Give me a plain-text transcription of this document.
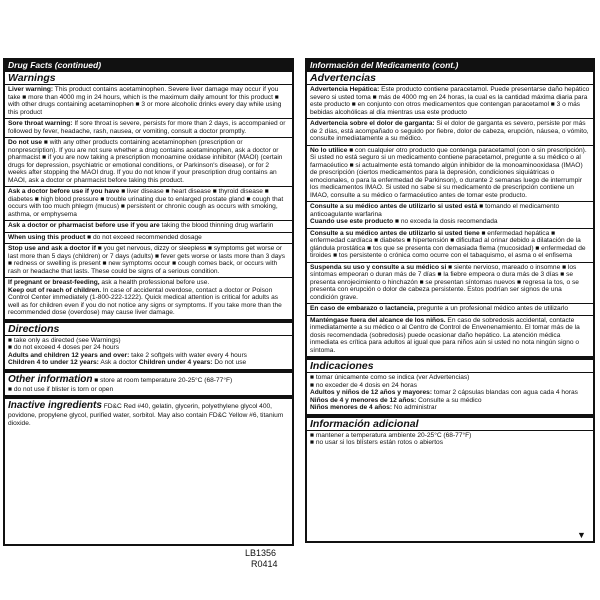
Drug Facts (continued)
Warnings
Liver warning: This product contains acetaminophen. Severe liver damage may occur if you take ■ more than 4000 mg in 24 hours, which is the maximum daily amount for this product ■ with other drugs containing acetaminophen ■ 3 or more alcoholic drinks every day while using this product
Sore throat warning: If sore throat is severe, persists for more than 2 days, is accompanied or followed by fever, headache, rash, nausea, or vomiting, consult a doctor promptly.
Do not use ■ with any other products containing acetaminophen (prescription or nonprescription). If you are not sure whether a drug contains acetaminophen, ask a doctor or pharmacist ■ if you are now taking a prescription monoamine oxidase inhibitor (MAOI) (certain drugs for depression, psychiatric or emotional conditions, or Parkinson's disease), or for 2 weeks after stopping the MAOI drug. If you do not know if your prescription drug contains an MAOI, ask a doctor or pharmacist before taking this product.
Ask a doctor before use if you have ■ liver disease ■ heart disease ■ thyroid disease ■ diabetes ■ high blood pressure ■ trouble urinating due to enlarged prostate gland ■ cough that occurs with too much phlegm (mucus) ■ persistent or chronic cough as occurs with smoking, asthma, or emphysema
Ask a doctor or pharmacist before use if you are taking the blood thinning drug warfarin
When using this product ■ do not exceed recommended dosage
Stop use and ask a doctor if ■ you get nervous, dizzy or sleepless ■ symptoms get worse or last more than 5 days (children) or 7 days (adults) ■ fever gets worse or lasts more than 3 days ■ redness or swelling is present ■ new symptoms occur ■ cough comes back, or occurs with rash or headache that lasts. These could be signs of a serious condition.
If pregnant or breast-feeding, ask a health professional before use.
Keep out of reach of children. In case of accidental overdose, contact a doctor or Poison Control Center immediately (1-800-222-1222). Quick medical attention is critical for adults as well as for children even if you do not notice any signs or symptoms. If you take more than the recommended dose (overdose) may cause liver damage.
Directions
■ take only as directed (see Warnings)
■ do not exceed 4 doses per 24 hours
Adults and children 12 years and over: take 2 softgels with water every 4 hours
Children 4 to under 12 years: Ask a doctor Children under 4 years: Do not use
Other information ■ store at room temperature 20-25°C (68-77°F)
■ do not use if blister is torn or open
Inactive ingredients FD&C Red #40, gelatin, glycerin, polyethylene glycol 400, povidone, propylene glycol, purified water, sorbitol. May also contain FD&C Yellow #6, titanium dioxide.
Información del Medicamento (cont.)
Advertencias
Advertencia Hepática: Este producto contiene paracetamol. Puede presentarse daño hepático severo si usted toma ■ más de 4000 mg en 24 horas, la cual es la cantidad máxima diaria para este producto ■ en conjunto con otros medicamentos que contengan paracetamol ■ 3 o más bebidas alcohólicas al día mientras usa este producto
Advertencia sobre el dolor de garganta: Si el dolor de garganta es severo, persiste por más de 2 días, está acompañado o seguido por fiebre, dolor de cabeza, erupción, náusea, o vómito, consulte inmediatamente a su médico.
No lo utilice ■ con cualquier otro producto que contenga paracetamol (con o sin prescripción). Si usted no está seguro si un medicamento contiene paracetamol, pregunte a su médico o al farmacéutico ■ si actualmente está tomando algún inhibidor de la monoaminooxidasa (IMAO) de prescripción (ciertos medicamentos para la depresión, condiciones siquiátricas o emocionales, o para la enfermedad de Parkinson), o durante 2 semanas luego de interrumpir los medicamentos IMAO. Si usted no sabe si su medicamento de prescripción contiene un IMAO, consulte a su médico o farmacéutico antes de tomar este producto.
Consulte a su médico antes de utilizarlo si usted está ■ tomando el medicamento anticoagulante warfarina
Cuando use este producto ■ no exceda la dosis recomendada
Consulte a su médico antes de utilizarlo si usted tiene ■ enfermedad hepática ■ enfermedad cardíaca ■ diabetes ■ hipertensión ■ dificultad al orinar debido a dilatación de la glándula prostática ■ tos que se presenta con demasiada flema (mucosidad) ■ enfermedad de tiroides ■ tos persistente o crónica como ocurre con el tabaquismo, el asma o el enfisema
Suspenda su uso y consulte a su médico si ■ siente nervioso, mareado o insomne ■ los síntomas empeoran o duran más de 7 días ■ la fiebre empeora o dura más de 3 días ■ se presenta enrojecimiento o hinchazón ■ se presentan síntomas nuevos ■ regresa la tos, o se presenta con erupción o dolor de cabeza persistente. Estos podrían ser signos de una condición grave.
En caso de embarazo o lactancia, pregunte a un profesional médico antes de utilizarlo
Manténgase fuera del alcance de los niños. En caso de sobredosis accidental, contacte inmediatamente a su médico o al Centro de Control de Envenenamiento. El tomar más de la dosis recomendada (sobredosis) puede ocasionar daño hepático. La atención médica inmediata es crítica para adultos al igual que para niños aún si usted no nota ningún signo o síntoma.
Indicaciones
■ tomar únicamente como se indica (ver Advertencias)
■ no exceder de 4 dosis en 24 horas
Adultos y niños de 12 años y mayores: tomar 2 cápsulas blandas con agua cada 4 horas
Niños de 4 y menores de 12 años: Consulte a su médico
Niños menores de 4 años: No administrar
Información adicional
■ mantener a temperatura ambiente 20-25°C (68-77°F)
■ no usar si los blísters están rotos o abiertos
▼
LB1356
R0414
